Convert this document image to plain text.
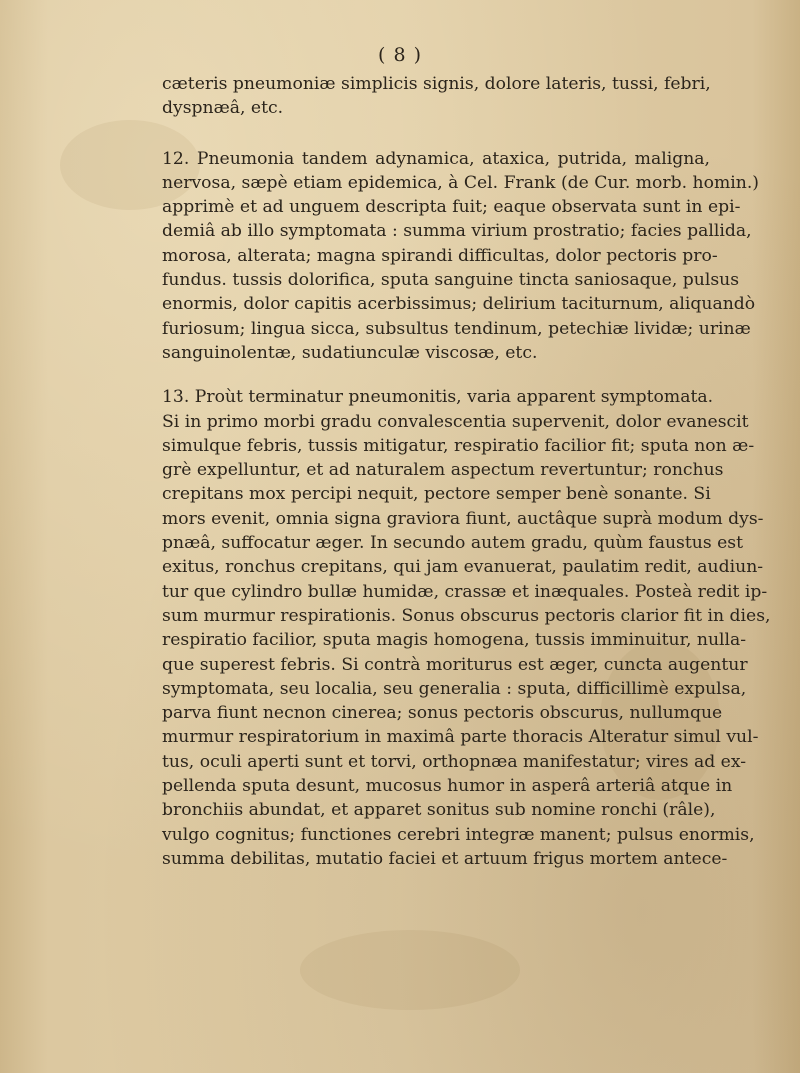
( 8 )
cæteris pneumoniæ simplicis signis, dolore lateris, tussi, febri,
dyspnæâ, etc.
12. Pneumonia tandem adynamica, ataxica, putrida, maligna,
nervosa, sæpè etiam epidemica, à Cel. Frank (de Cur. morb. homin.)
apprimè et ad unguem descripta fuit; eaque observata sunt in epi-
demiâ ab illo symptomata : summa virium prostratio; facies pallida,
morosa, alterata; magna spirandi difficultas, dolor pectoris pro-
fundus. tussis dolorifica, sputa sanguine tincta saniosaque, pulsus
enormis, dolor capitis acerbissimus; delirium taciturnum, aliquandò
furiosum; lingua sicca, subsultus tendinum, petechiæ lividæ; urinæ
sanguinolentæ, sudatiunculæ viscosæ, etc.
13. Proùt terminatur pneumonitis, varia apparent symptomata.
Si in primo morbi gradu convalescentia supervenit, dolor evanescit
simulque febris, tussis mitigatur, respiratio facilior fit; sputa non æ-
grè expelluntur, et ad naturalem aspectum revertuntur; ronchus
crepitans mox percipi nequit, pectore semper benè sonante. Si
mors evenit, omnia signa graviora fiunt, auctâque suprà modum dys-
pnæâ, suffocatur æger. In secundo autem gradu, quùm faustus est
exitus, ronchus crepitans, qui jam evanuerat, paulatim redit, audiun-
tur que cylindro bullæ humidæ, crassæ et inæquales. Posteà redit ip-
sum murmur respirationis. Sonus obscurus pectoris clarior fit in dies,
respiratio facilior, sputa magis homogena, tussis imminuitur, nulla-
que superest febris. Si contrà moriturus est æger, cuncta augentur
symptomata, seu localia, seu generalia : sputa, difficillimè expulsa,
parva fiunt necnon cinerea; sonus pectoris obscurus, nullumque
murmur respiratorium in maximâ parte thoracis Alteratur simul vul-
tus, oculi aperti sunt et torvi, orthopnæa manifestatur; vires ad ex-
pellenda sputa desunt, mucosus humor in asperâ arteriâ atque in
bronchiis abundat, et apparet sonitus sub nomine ronchi (râle),
vulgo cognitus; functiones cerebri integræ manent; pulsus enormis,
summa debilitas, mutatio faciei et artuum frigus mortem antece-
